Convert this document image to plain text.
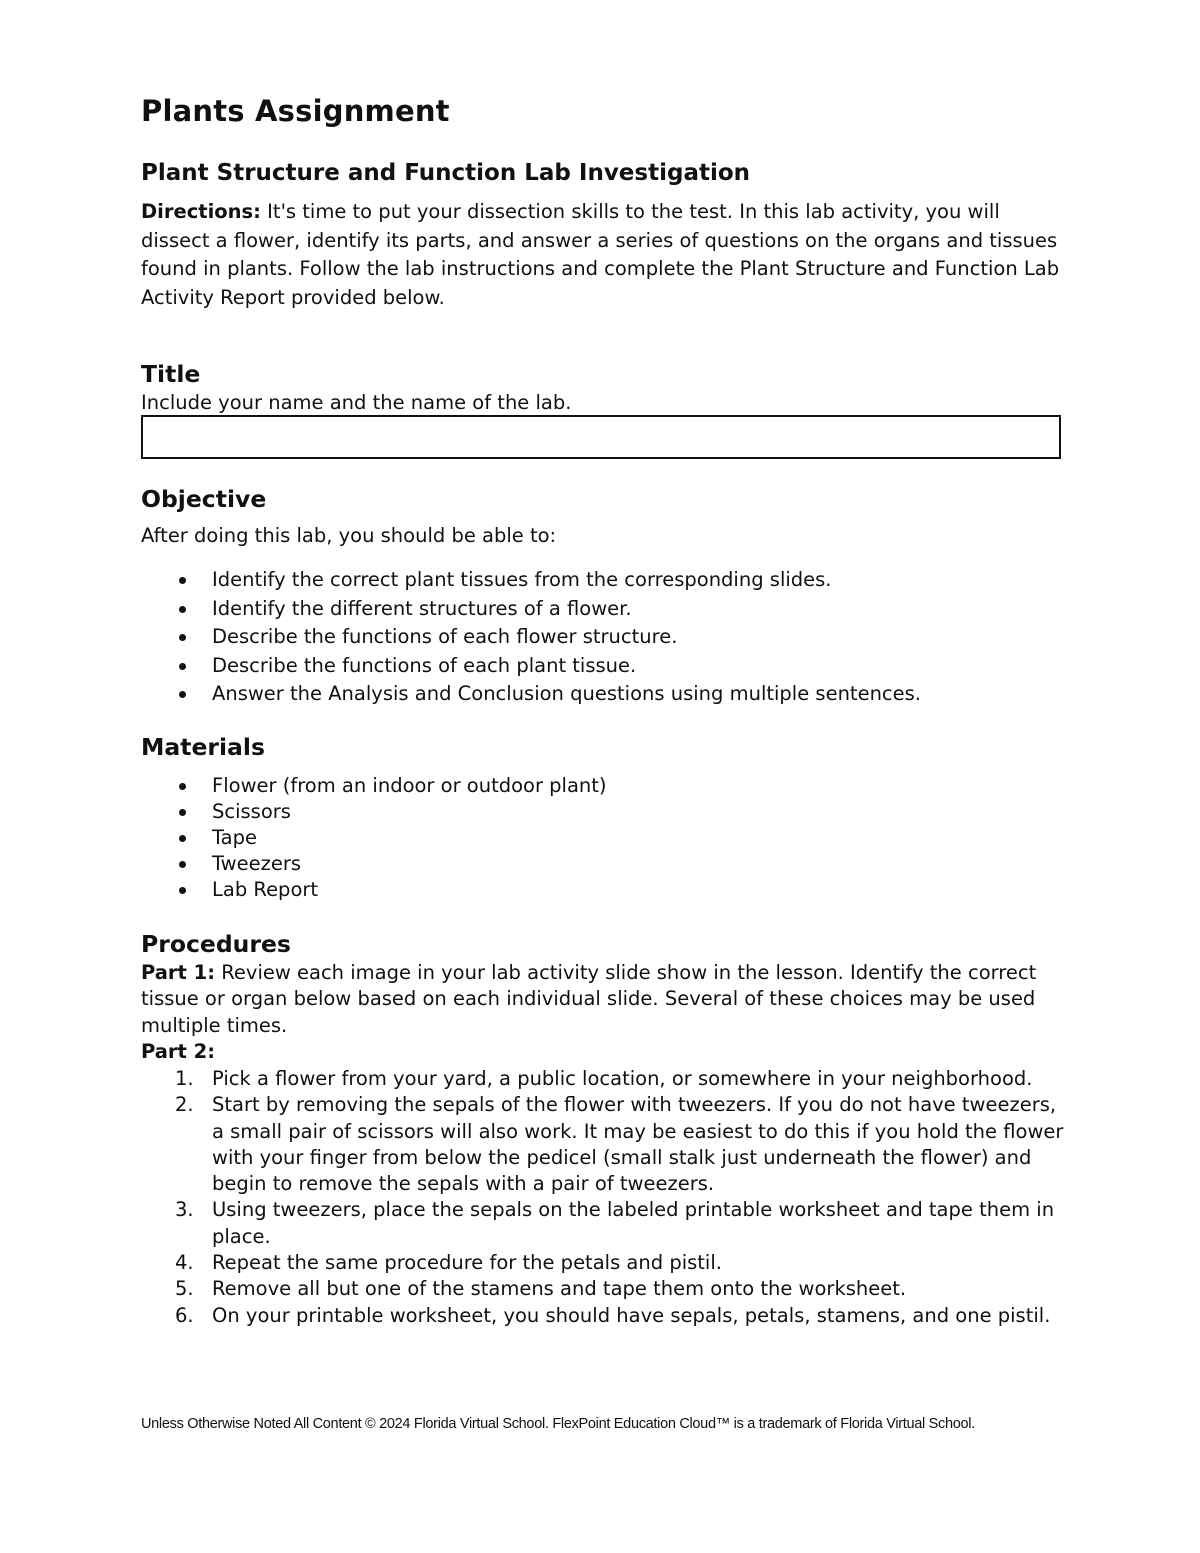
Plants Assignment
Plant Structure and Function Lab Investigation
Directions: It's time to put your dissection skills to the test. In this lab activity, you will dissect a flower, identify its parts, and answer a series of questions on the organs and tissues found in plants. Follow the lab instructions and complete the Plant Structure and Function Lab Activity Report provided below.
Title
Include your name and the name of the lab.
Objective
After doing this lab, you should be able to:
Identify the correct plant tissues from the corresponding slides.
Identify the different structures of a flower.
Describe the functions of each flower structure.
Describe the functions of each plant tissue.
Answer the Analysis and Conclusion questions using multiple sentences.
Materials
Flower (from an indoor or outdoor plant)
Scissors
Tape
Tweezers
Lab Report
Procedures
Part 1: Review each image in your lab activity slide show in the lesson. Identify the correct tissue or organ below based on each individual slide. Several of these choices may be used multiple times.
Part 2:
1. Pick a flower from your yard, a public location, or somewhere in your neighborhood.
2. Start by removing the sepals of the flower with tweezers. If you do not have tweezers, a small pair of scissors will also work. It may be easiest to do this if you hold the flower with your finger from below the pedicel (small stalk just underneath the flower) and begin to remove the sepals with a pair of tweezers.
3. Using tweezers, place the sepals on the labeled printable worksheet and tape them in place.
4. Repeat the same procedure for the petals and pistil.
5. Remove all but one of the stamens and tape them onto the worksheet.
6. On your printable worksheet, you should have sepals, petals, stamens, and one pistil.
Unless Otherwise Noted All Content © 2024 Florida Virtual School. FlexPoint Education Cloud™ is a trademark of Florida Virtual School.
